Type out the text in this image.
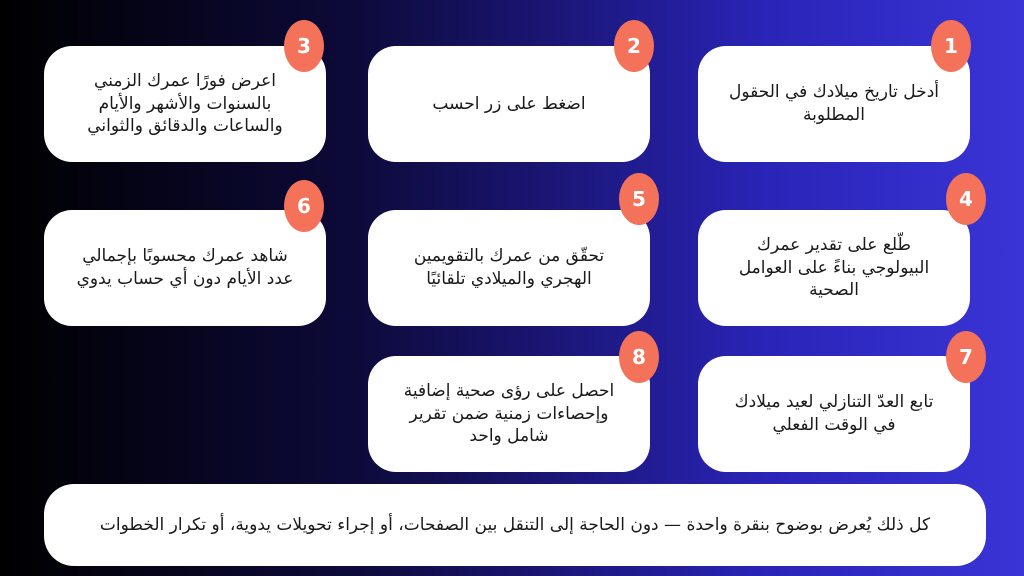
أدخل تاريخ ميلادك في الحقول المطلوبة
1
اضغط على زر احسب
2
اعرض فورًا عمرك الزمني بالسنوات والأشهر والأيام والساعات والدقائق والثواني
3
طّلع على تقدير عمرك البيولوجي بناءً على العوامل الصحية
4
تحقّق من عمرك بالتقويمين الهجري والميلادي تلقائيًا
5
شاهد عمرك محسوبًا بإجمالي عدد الأيام دون أي حساب يدوي
6
تابع العدّ التنازلي لعيد ميلادك في الوقت الفعلي
7
احصل على رؤى صحية إضافية وإحصاءات زمنية ضمن تقرير شامل واحد
8
كل ذلك يُعرض بوضوح بنقرة واحدة — دون الحاجة إلى التنقل بين الصفحات، أو إجراء تحويلات يدوية، أو تكرار الخطوات
